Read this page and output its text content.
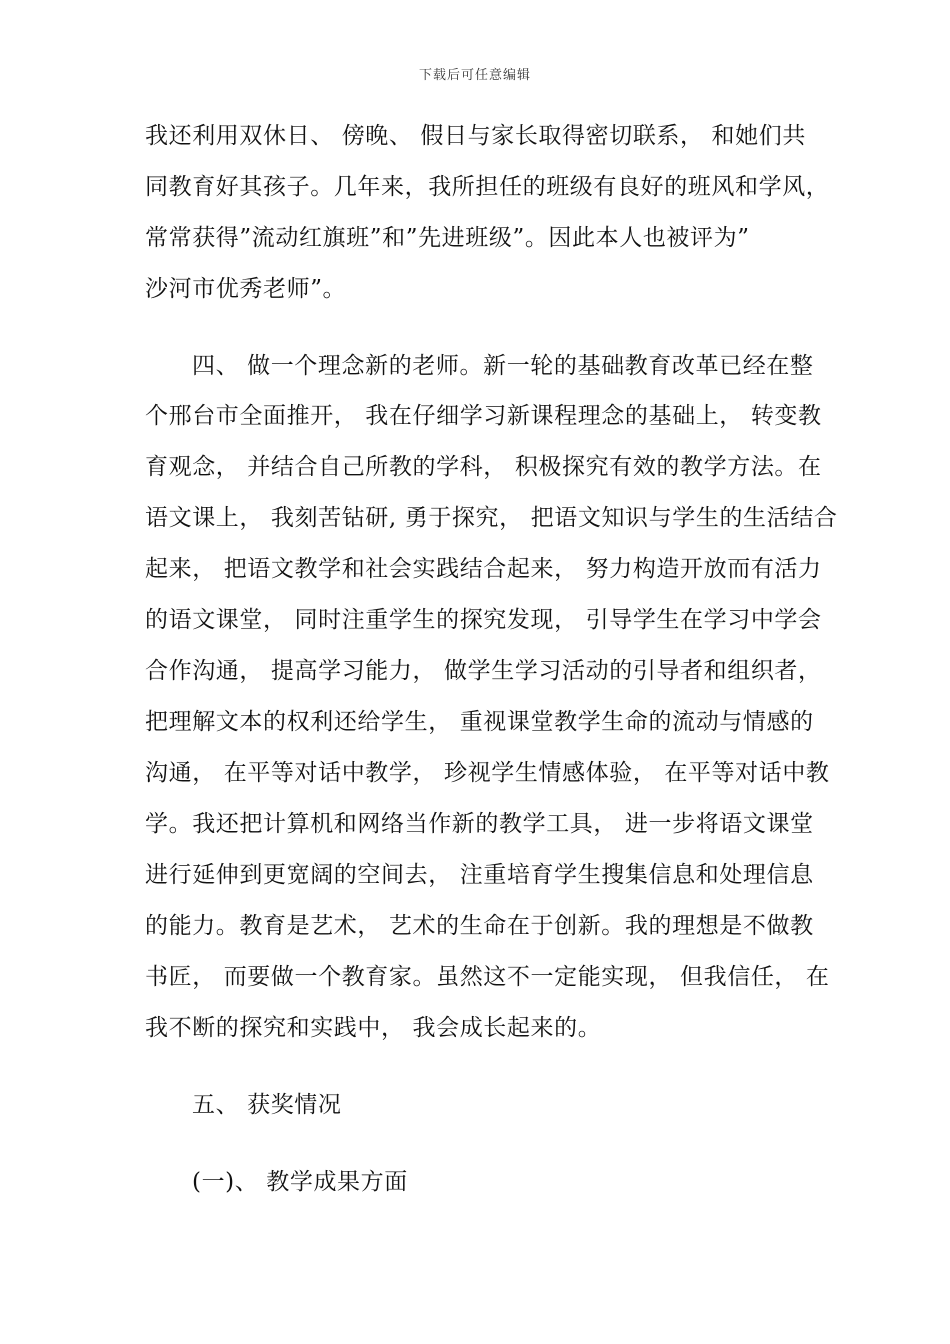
下载后可任意编辑
我还利用双休日、 傍晚、 假日与家长取得密切联系， 和她们共
同教育好其孩子。几年来，我所担任的班级有良好的班风和学风，
常常获得”流动红旗班”和”先进班级”。因此本人也被评为”
沙河市优秀老师”。
四、 做一个理念新的老师。新一轮的基础教育改革已经在整
个邢台市全面推开， 我在仔细学习新课程理念的基础上， 转变教
育观念， 并结合自己所教的学科， 积极探究有效的教学方法。在
语文课上， 我刻苦钻研, 勇于探究， 把语文知识与学生的生活结合
起来， 把语文教学和社会实践结合起来， 努力构造开放而有活力
的语文课堂， 同时注重学生的探究发现， 引导学生在学习中学会
合作沟通， 提高学习能力， 做学生学习活动的引导者和组织者，
把理解文本的权利还给学生， 重视课堂教学生命的流动与情感的
沟通， 在平等对话中教学， 珍视学生情感体验， 在平等对话中教
学。我还把计算机和网络当作新的教学工具， 进一步将语文课堂
进行延伸到更宽阔的空间去， 注重培育学生搜集信息和处理信息
的能力。教育是艺术， 艺术的生命在于创新。我的理想是不做教
书匠， 而要做一个教育家。虽然这不一定能实现， 但我信任， 在
我不断的探究和实践中， 我会成长起来的。
五、 获奖情况
(一)、 教学成果方面
